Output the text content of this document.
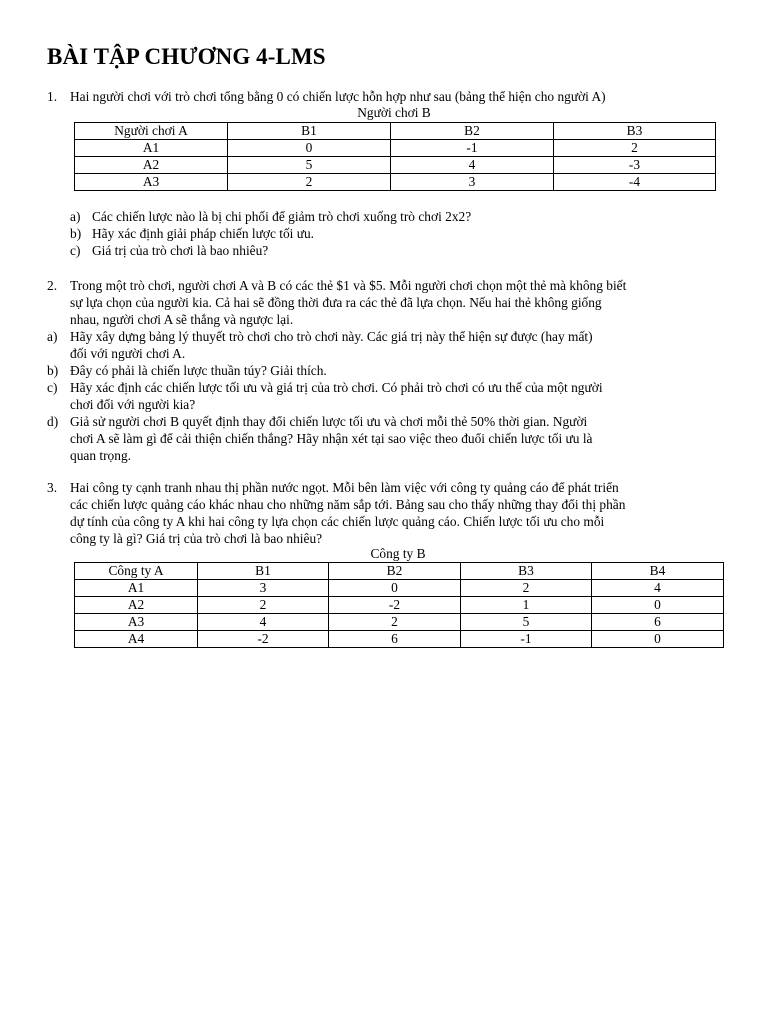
BÀI TẬP CHƯƠNG 4-LMS
1. Hai người chơi với trò chơi tổng bằng 0 có chiến lược hỗn hợp như sau (bảng thể hiện cho người A)
Người chơi B
Người chơi A	B1	B2	B3
A1	0	-1	2
A2	5	4	-3
A3	2	3	-4
a) Các chiến lược nào là bị chi phối để giảm trò chơi xuống trò chơi 2x2?
b) Hãy xác định giải pháp chiến lược tối ưu.
c) Giá trị của trò chơi là bao nhiêu?
2. Trong một trò chơi, người chơi A và B có các thẻ $1 và $5. Mỗi người chơi chọn một thẻ mà không biết
sự lựa chọn của người kia. Cả hai sẽ đồng thời đưa ra các thẻ đã lựa chọn. Nếu hai thẻ không giống
nhau, người chơi A sẽ thắng và ngược lại.
a) Hãy xây dựng bảng lý thuyết trò chơi cho trò chơi này. Các giá trị này thể hiện sự được (hay mất)
đối với người chơi A.
b) Đây có phải là chiến lược thuần túy? Giải thích.
c) Hãy xác định các chiến lược tối ưu và giá trị của trò chơi. Có phải trò chơi có ưu thế của một người
chơi đối với người kia?
d) Giả sử người chơi B quyết định thay đổi chiến lược tối ưu và chơi mỗi thẻ 50% thời gian. Người
chơi A sẽ làm gì để cải thiện chiến thắng? Hãy nhận xét tại sao việc theo đuổi chiến lược tối ưu là
quan trọng.
3. Hai công ty cạnh tranh nhau thị phần nước ngọt. Mỗi bên làm việc với công ty quảng cáo để phát triển
các chiến lược quảng cáo khác nhau cho những năm sắp tới. Bảng sau cho thấy những thay đổi thị phần
dự tính của công ty A khi hai công ty lựa chọn các chiến lược quảng cáo. Chiến lược tối ưu cho mỗi
công ty là gì? Giá trị của trò chơi là bao nhiêu?
Công ty B
Công ty A	B1	B2	B3	B4
A1	3	0	2	4
A2	2	-2	1	0
A3	4	2	5	6
A4	-2	6	-1	0
